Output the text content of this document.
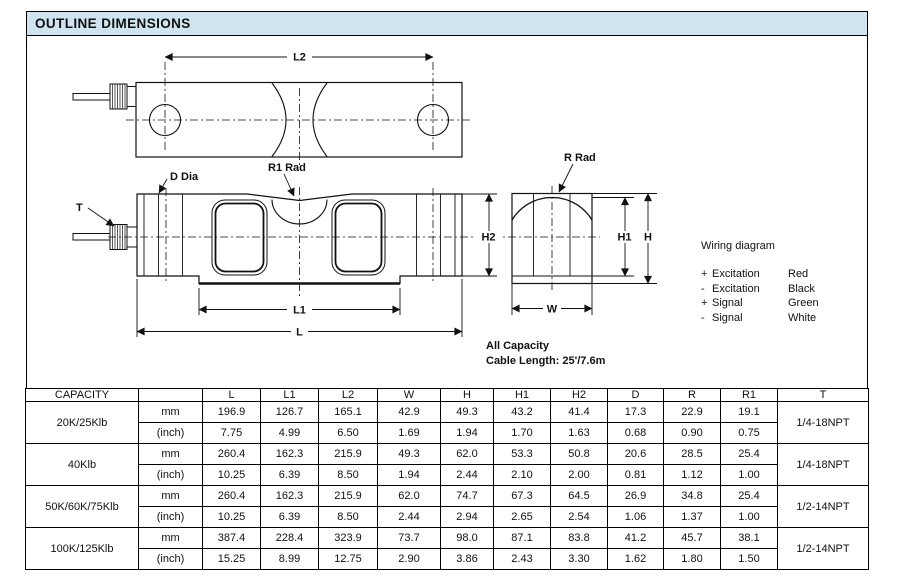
OUTLINE DIMENSIONS
L2
L1
L
H2	H1 H
W
T
D Dia
R1 Rad
R Rad
All Capacity
Cable Length: 25'/7.6m
Wiring diagram
+ Excitation	Red
- Excitation	Black
+ Signal	Green
- Signal	White
CAPACITY		L	L1	L2	W	H	H1	H2	D	R	R1	T
20K/25Klb	mm	196.9	126.7	165.1	42.9	49.3	43.2	41.4	17.3	22.9	19.1	1/4-18NPT
	(inch)	7.75	4.99	6.50	1.69	1.94	1.70	1.63	0.68	0.90	0.75	
40Klb	mm	260.4	162.3	215.9	49.3	62.0	53.3	50.8	20.6	28.5	25.4	1/4-18NPT
	(inch)	10.25	6.39	8.50	1.94	2.44	2.10	2.00	0.81	1.12	1.00	
50K/60K/75Klb	mm	260.4	162.3	215.9	62.0	74.7	67.3	64.5	26.9	34.8	25.4	1/2-14NPT
	(inch)	10.25	6.39	8.50	2.44	2.94	2.65	2.54	1.06	1.37	1.00	
100K/125Klb	mm	387.4	228.4	323.9	73.7	98.0	87.1	83.8	41.2	45.7	38.1	1/2-14NPT
	(inch)	15.25	8.99	12.75	2.90	3.86	2.43	3.30	1.62	1.80	1.50	
